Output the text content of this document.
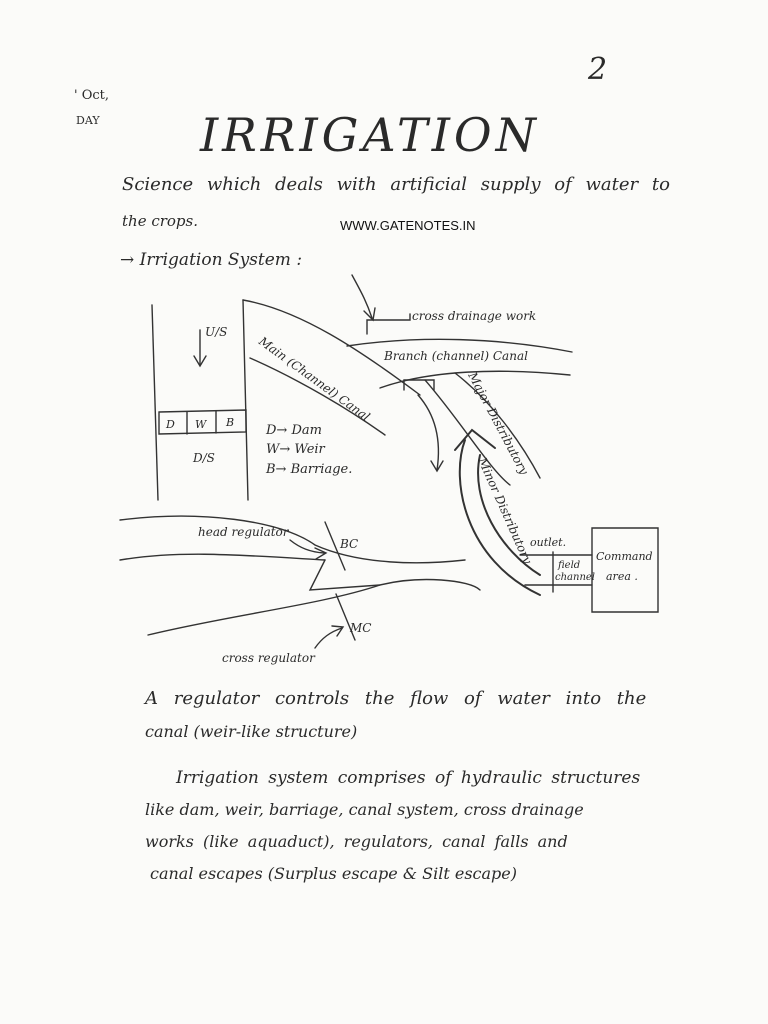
2
' Oct,
DAY IRRIGATION
Science which deals with artificial supply of water to
the crops.	WWW.GATENOTES.IN
→ Irrigation System :
U/S
D/S
D W B Main (Channel) Canal
cross drainage work
Branch (channel) Canal
Major Distributory
Minor Distributory
D→ Dam
W→ Weir
B→ Barriage.
head regulator
BC
MC
cross regulator
outlet.
field
channel
Command
area .
A regulator controls the flow of water into the
canal (weir-like structure)
Irrigation system comprises of hydraulic structures
like dam, weir, barriage, canal system, cross drainage
works (like aquaduct), regulators, canal falls and
canal escapes (Surplus escape & Silt escape)
